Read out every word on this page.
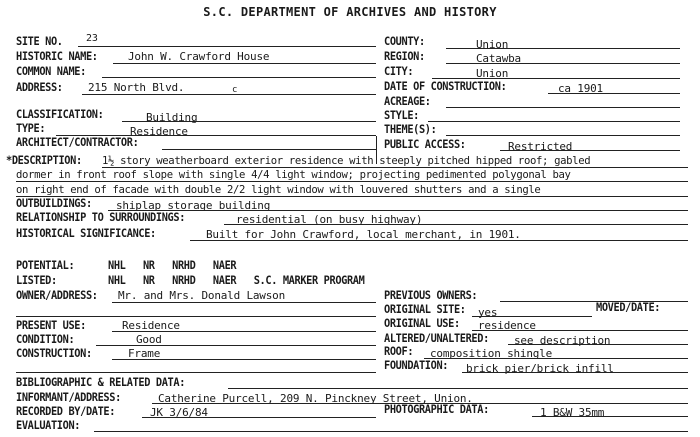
S.C. DEPARTMENT OF ARCHIVES AND HISTORY
SITE NO. 23
HISTORIC NAME:	John W. Crawford House
COMMON NAME:
ADDRESS: 215 North Blvd.	c
CLASSIFICATION:	Building
TYPE:	Residence
ARCHITECT/CONTRACTOR:
COUNTY:	Union
REGION:	Catawba
CITY:	Union
DATE OF CONSTRUCTION:	ca 1901
ACREAGE:
STYLE:
THEME(S):
PUBLIC ACCESS:	Restricted
*DESCRIPTION: 1½ story weatherboard exterior residence with steeply pitched hipped roof; gabled
dormer in front roof slope with single 4/4 light window; projecting pedimented polygonal bay
on right end of facade with double 2/2 light window with louvered shutters and a single
OUTBUILDINGS: shiplap storage building
RELATIONSHIP TO SURROUNDINGS:	residential (on busy highway)
HISTORICAL SIGNIFICANCE:	Built for John Crawford, local merchant, in 1901.
POTENTIAL:	NHL   NR   NRHD   NAER
LISTED:	NHL   NR   NRHD   NAER   S.C. MARKER PROGRAM
OWNER/ADDRESS: Mr. and Mrs. Donald Lawson	PREVIOUS OWNERS:
ORIGINAL SITE: yes	MOVED/DATE:
PRESENT USE:	Residence	ORIGINAL USE: residence
CONDITION:	Good	ALTERED/UNALTERED: see description
CONSTRUCTION:	Frame	ROOF: composition shingle
FOUNDATION: brick pier/brick infill
BIBLIOGRAPHIC & RELATED DATA:
INFORMANT/ADDRESS:	Catherine Purcell, 209 N. Pinckney Street, Union.
RECORDED BY/DATE:	JK 3/6/84	PHOTOGRAPHIC DATA:	1 B&W 35mm
EVALUATION:
